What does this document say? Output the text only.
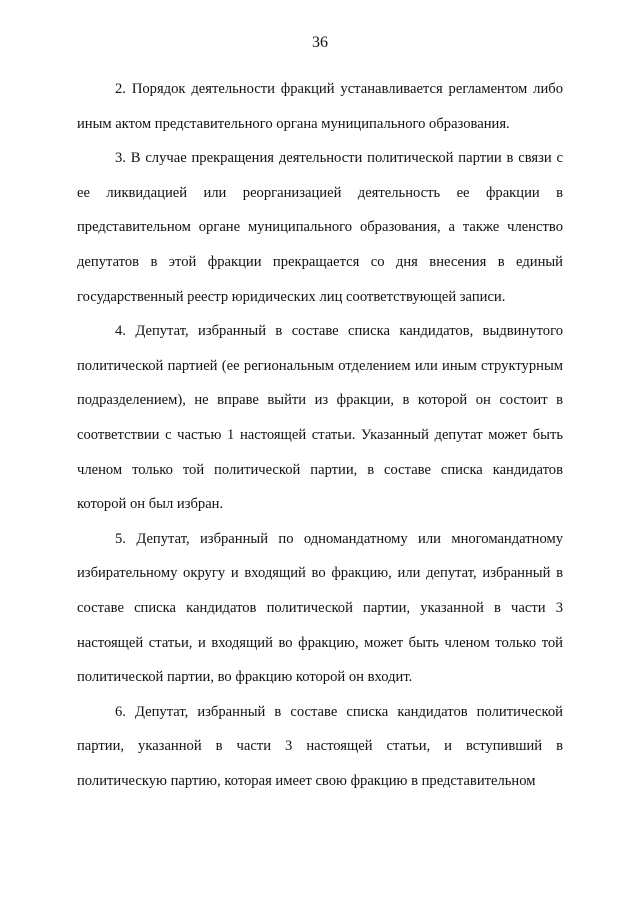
36

2. Порядок деятельности фракций устанавливается регламентом либо иным актом представительного органа муниципального образования.

3. В случае прекращения деятельности политической партии в связи с ее ликвидацией или реорганизацией деятельность ее фракции в представительном органе муниципального образования, а также членство депутатов в этой фракции прекращается со дня внесения в единый государственный реестр юридических лиц соответствующей записи.

4. Депутат, избранный в составе списка кандидатов, выдвинутого политической партией (ее региональным отделением или иным структурным подразделением), не вправе выйти из фракции, в которой он состоит в соответствии с частью 1 настоящей статьи. Указанный депутат может быть членом только той политической партии, в составе списка кандидатов которой он был избран.

5. Депутат, избранный по одномандатному или многомандатному избирательному округу и входящий во фракцию, или депутат, избранный в составе списка кандидатов политической партии, указанной в части 3 настоящей статьи, и входящий во фракцию, может быть членом только той политической партии, во фракцию которой он входит.

6. Депутат, избранный в составе списка кандидатов политической партии, указанной в части 3 настоящей статьи, и вступивший в политическую партию, которая имеет свою фракцию в представительном
